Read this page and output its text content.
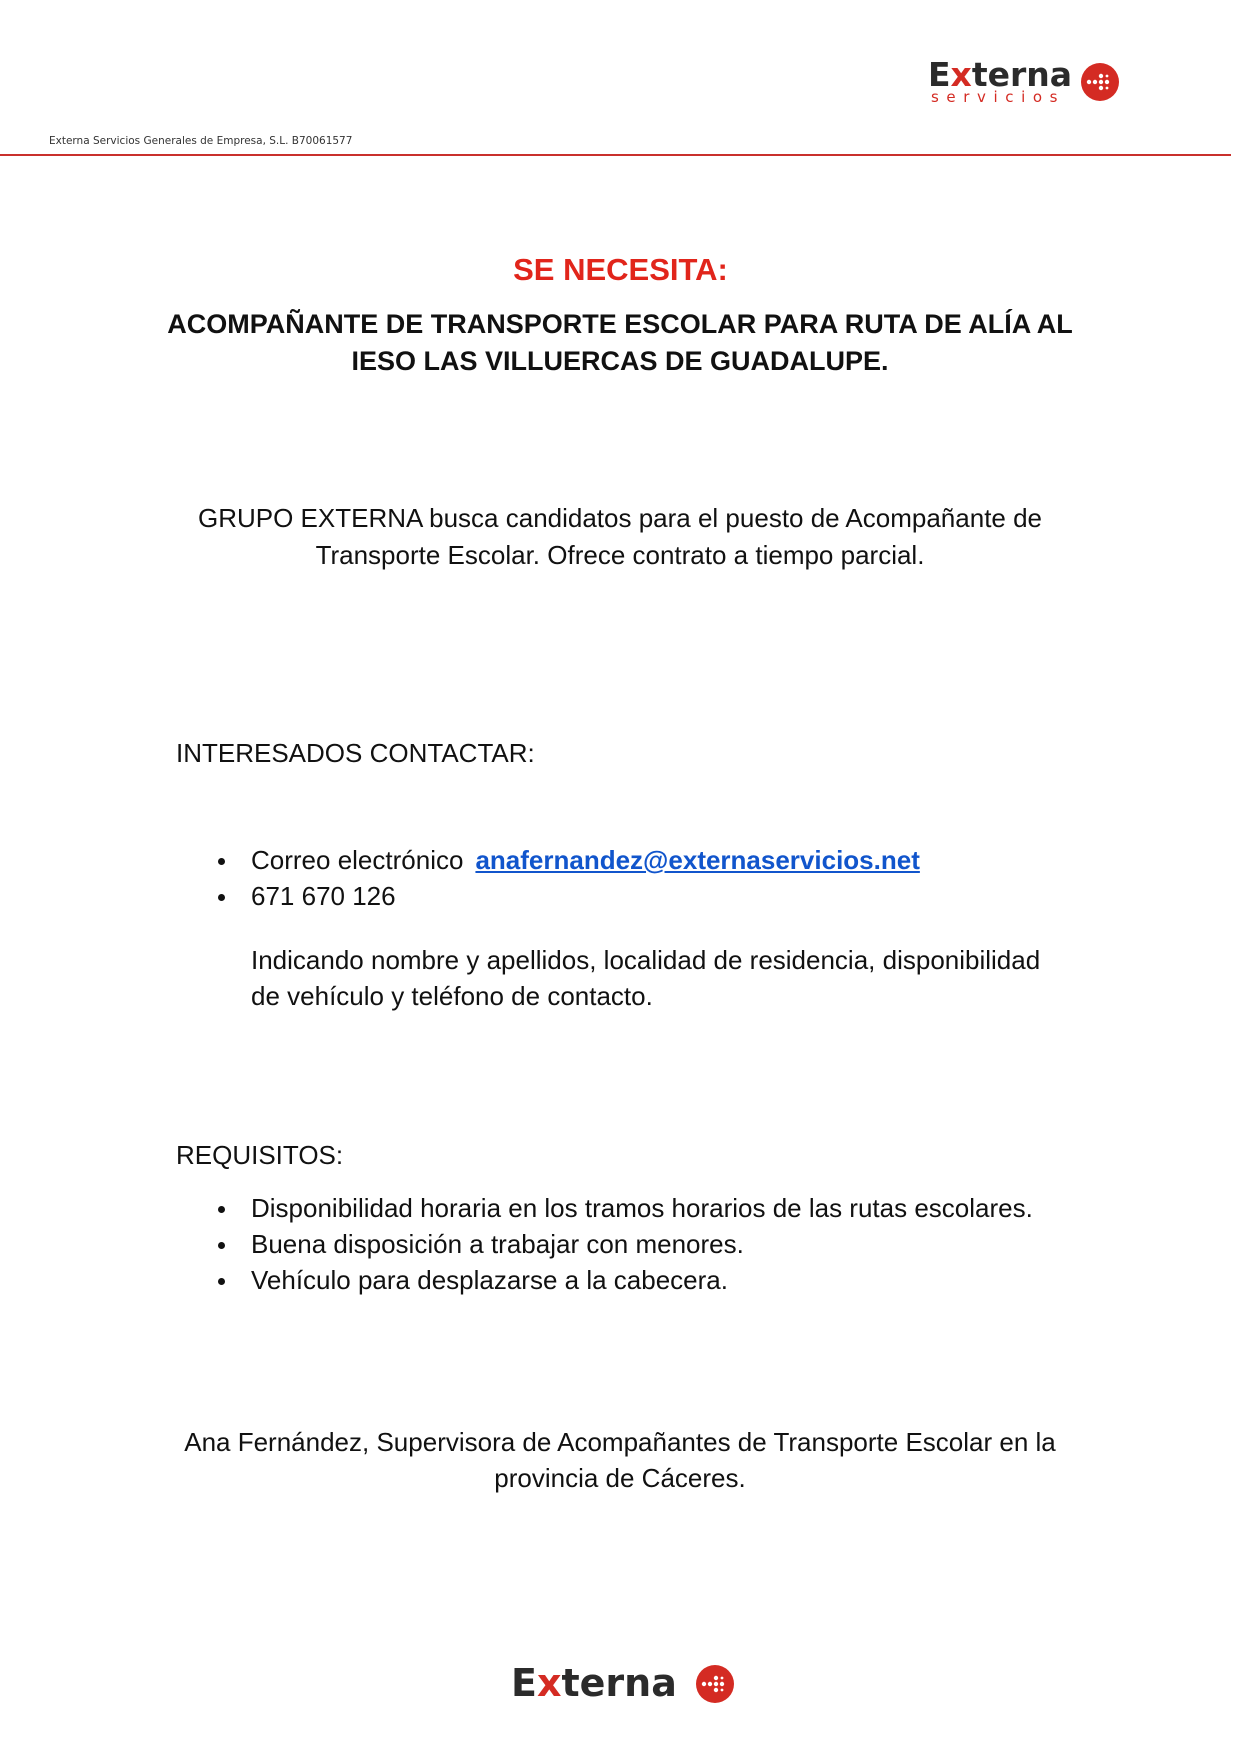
Externa
servicios
Externa Servicios Generales de Empresa, S.L. B70061577
SE NECESITA:
ACOMPAÑANTE DE TRANSPORTE ESCOLAR PARA RUTA DE ALÍA AL IESO LAS VILLUERCAS DE GUADALUPE.
GRUPO EXTERNA busca candidatos para el puesto de Acompañante de Transporte Escolar. Ofrece contrato a tiempo parcial.
INTERESADOS CONTACTAR:
Correo electrónico anafernandez@externaservicios.net
671 670 126
Indicando nombre y apellidos, localidad de residencia, disponibilidad de vehículo y teléfono de contacto.
REQUISITOS:
Disponibilidad horaria en los tramos horarios de las rutas escolares.
Buena disposición a trabajar con menores.
Vehículo para desplazarse a la cabecera.
Ana Fernández, Supervisora de Acompañantes de Transporte Escolar en la provincia de Cáceres.
Externa
